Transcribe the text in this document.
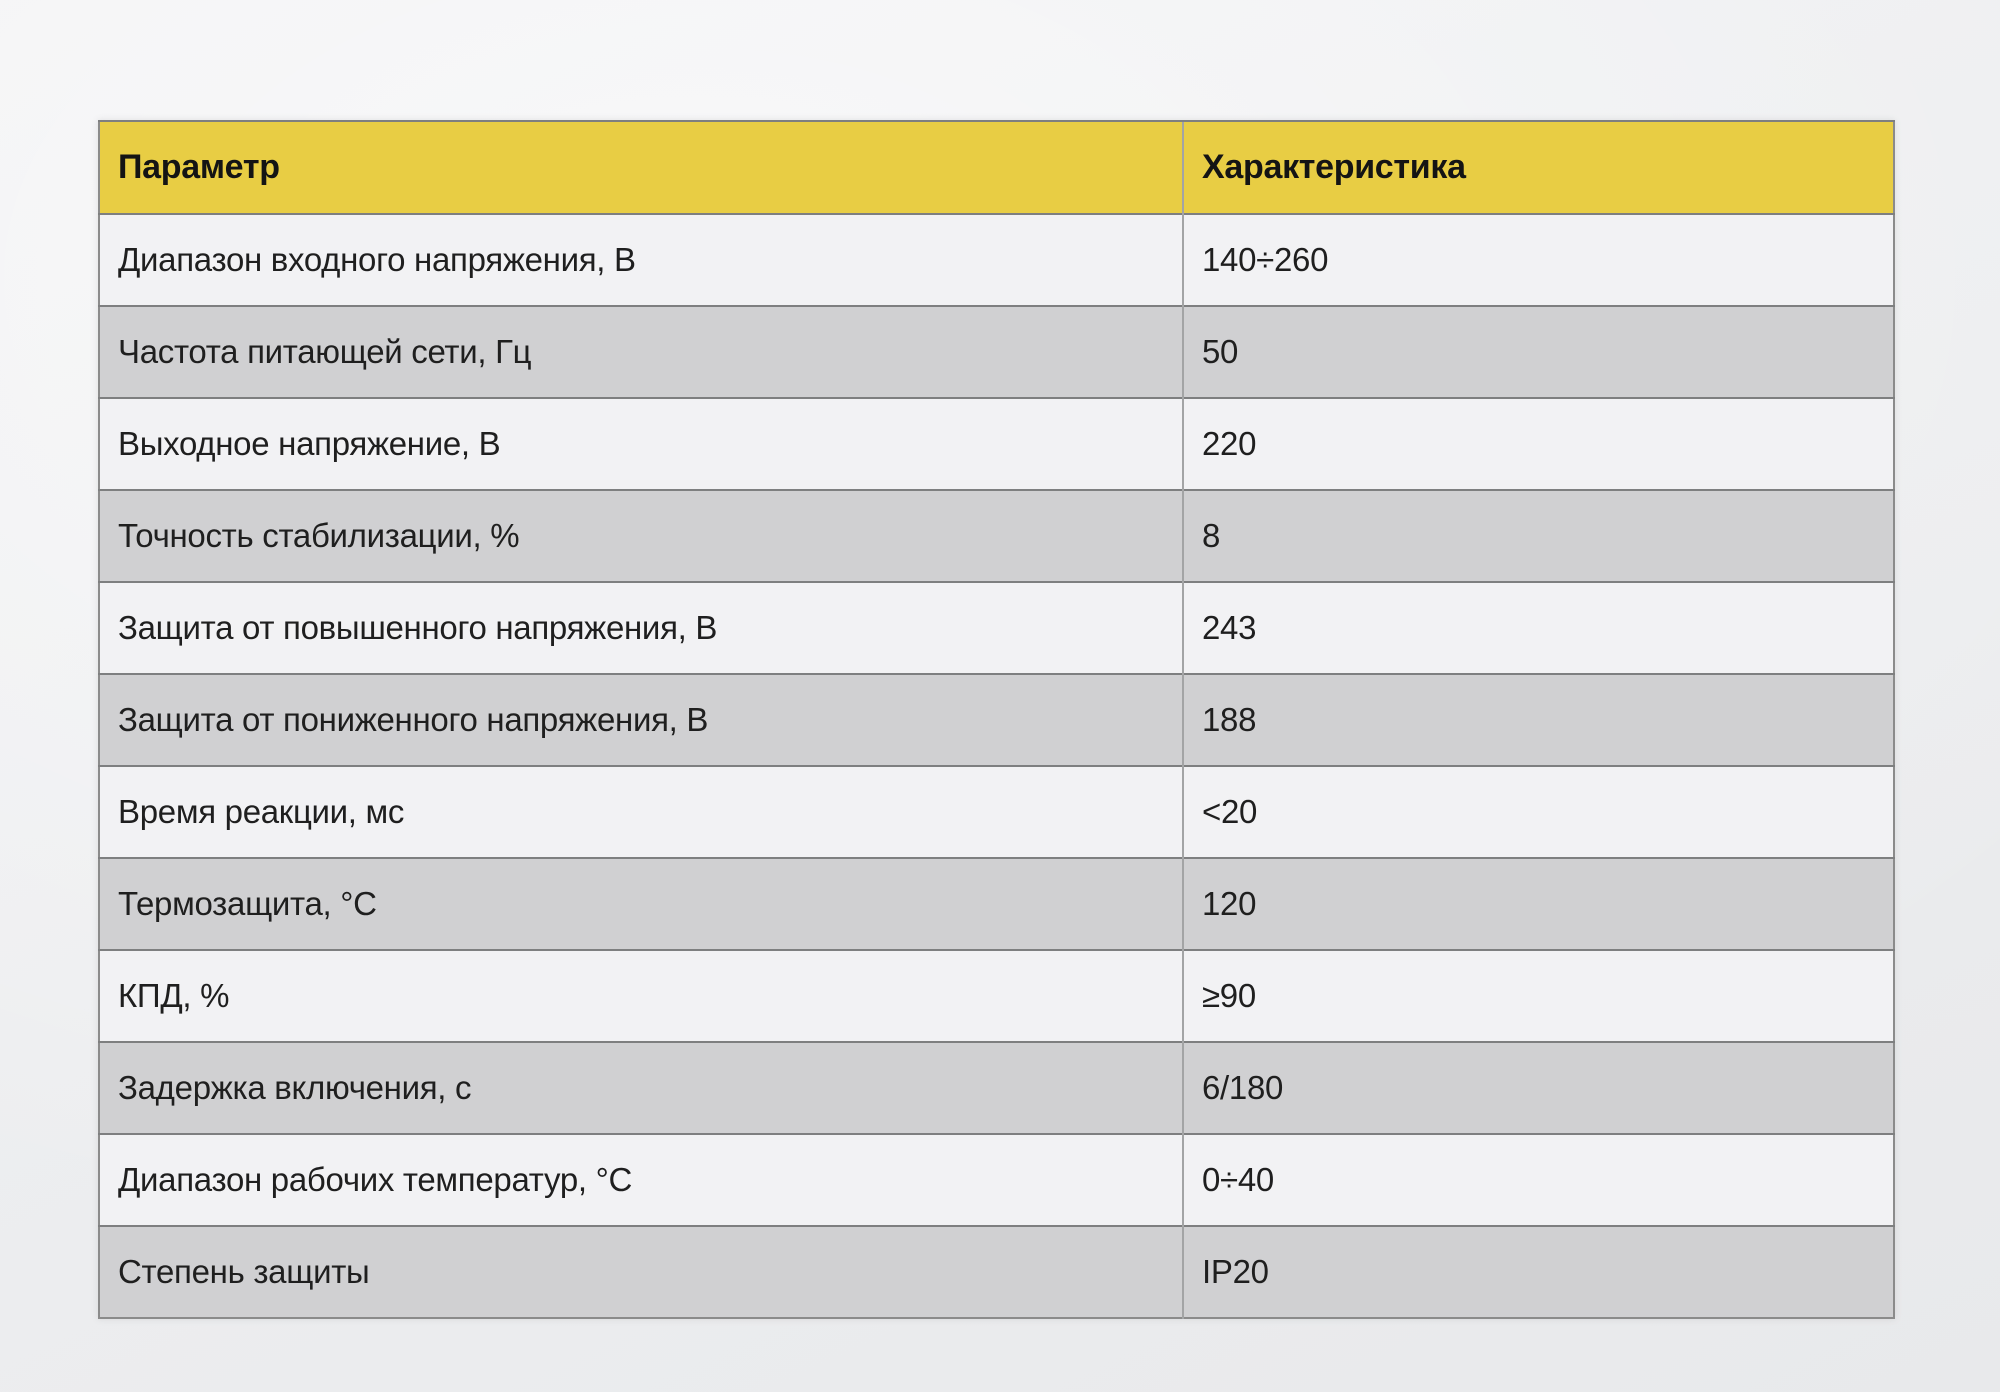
Параметр	Характеристика
Диапазон входного напряжения, В	140÷260
Частота питающей сети, Гц	50
Выходное напряжение, В	220
Точность стабилизации, %	8
Защита от повышенного напряжения, В	243
Защита от пониженного напряжения, В	188
Время реакции, мс	<20
Термозащита, °С	120
КПД, %	≥90
Задержка включения, с	6/180
Диапазон рабочих температур, °С	0÷40
Степень защиты	IP20
